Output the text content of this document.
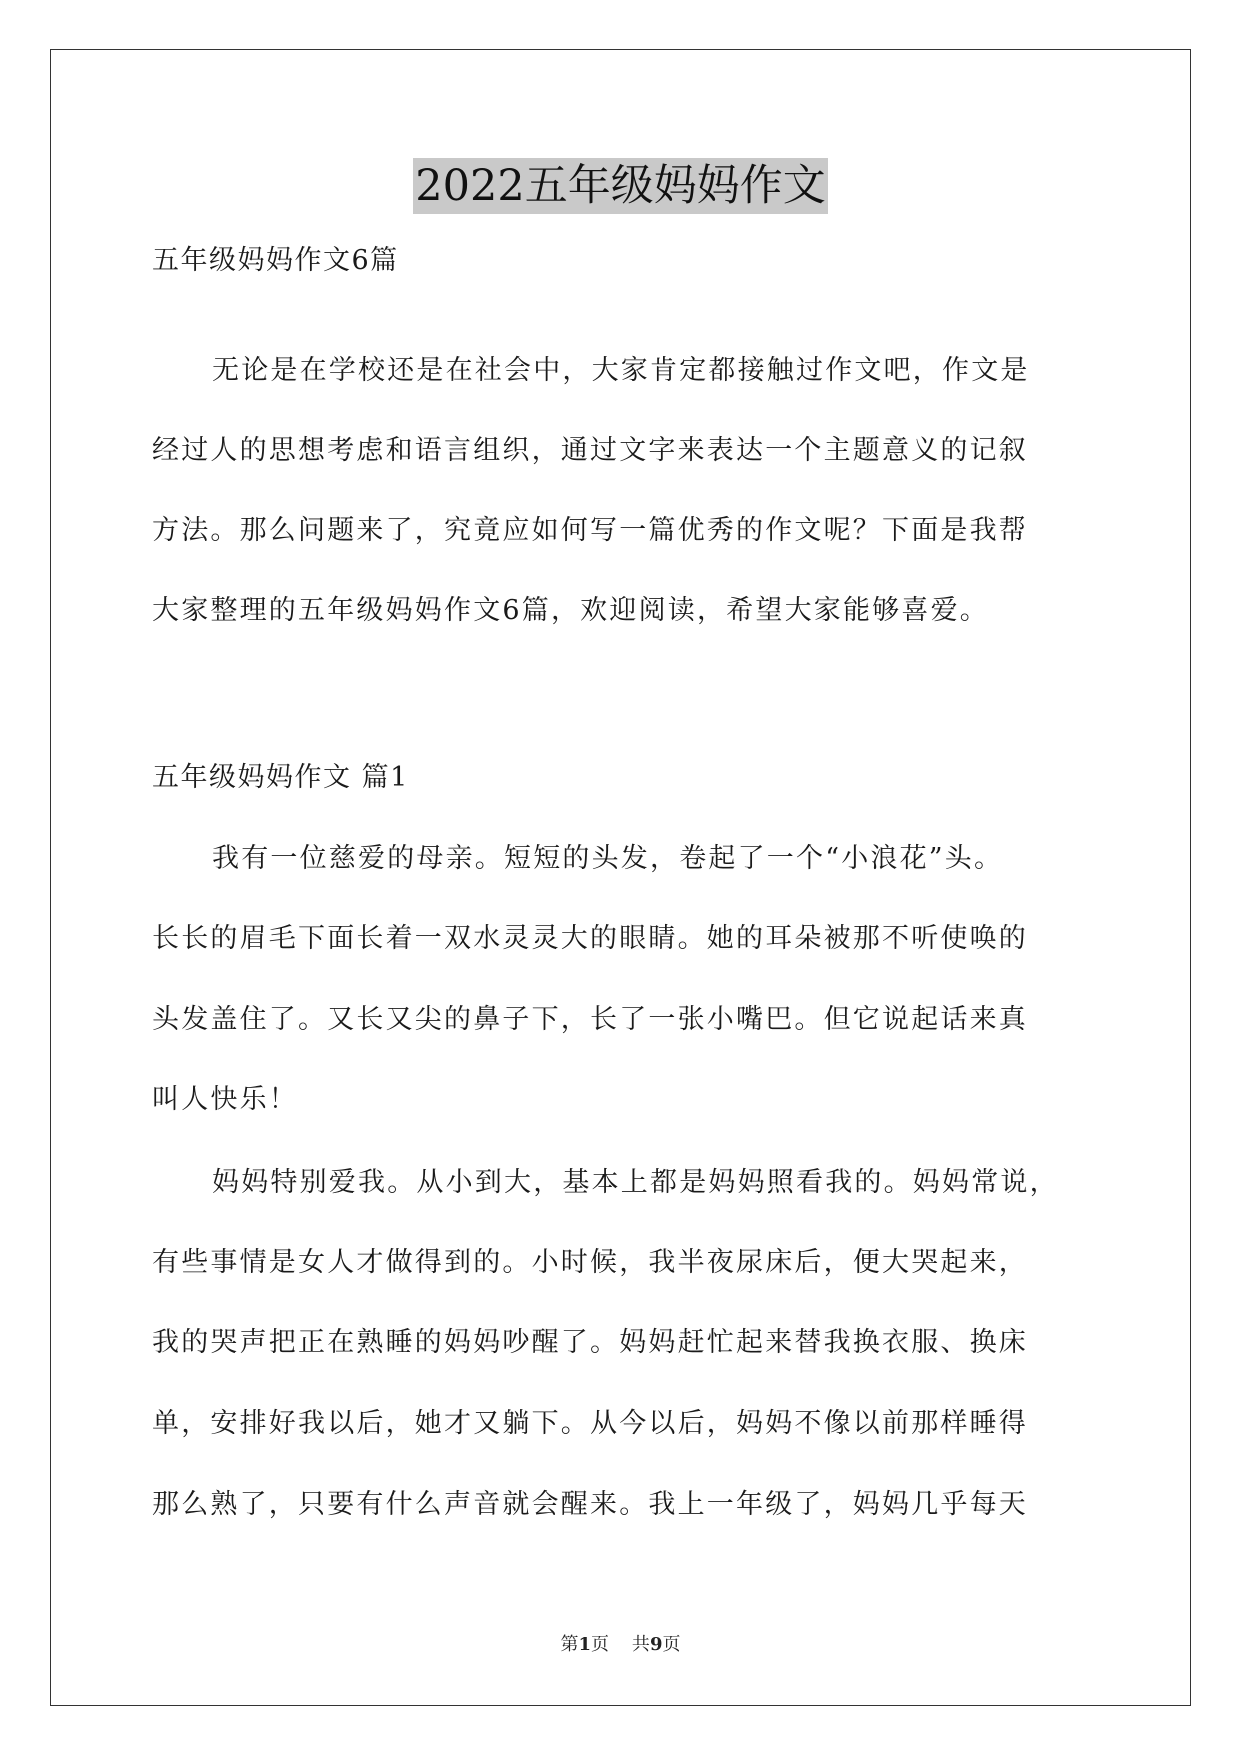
2022五年级妈妈作文
五年级妈妈作文6篇
无论是在学校还是在社会中，大家肯定都接触过作文吧，作文是
经过人的思想考虑和语言组织，通过文字来表达一个主题意义的记叙
方法。那么问题来了，究竟应如何写一篇优秀的作文呢？下面是我帮
大家整理的五年级妈妈作文6篇，欢迎阅读，希望大家能够喜爱。
五年级妈妈作文 篇1
我有一位慈爱的母亲。短短的头发，卷起了一个“小浪花”头。
长长的眉毛下面长着一双水灵灵大的眼睛。她的耳朵被那不听使唤的
头发盖住了。又长又尖的鼻子下，长了一张小嘴巴。但它说起话来真
叫人快乐！
妈妈特别爱我。从小到大，基本上都是妈妈照看我的。妈妈常说，
有些事情是女人才做得到的。小时候，我半夜尿床后，便大哭起来，
我的哭声把正在熟睡的妈妈吵醒了。妈妈赶忙起来替我换衣服、换床
单，安排好我以后，她才又躺下。从今以后，妈妈不像以前那样睡得
那么熟了，只要有什么声音就会醒来。我上一年级了，妈妈几乎每天
第1页    共9页
